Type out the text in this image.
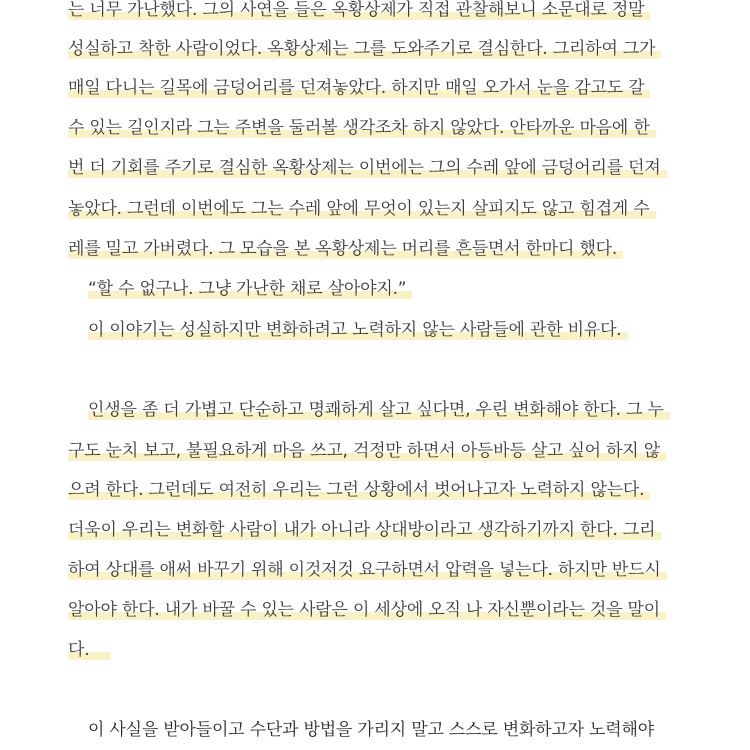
는 너무 가난했다. 그의 사연을 들은 옥황상제가 직접 관찰해보니 소문대로 정말
성실하고 착한 사람이었다. 옥황상제는 그를 도와주기로 결심한다. 그리하여 그가
매일 다니는 길목에 금덩어리를 던져놓았다. 하지만 매일 오가서 눈을 감고도 갈
수 있는 길인지라 그는 주변을 둘러볼 생각조차 하지 않았다. 안타까운 마음에 한
번 더 기회를 주기로 결심한 옥황상제는 이번에는 그의 수레 앞에 금덩어리를 던져
놓았다. 그런데 이번에도 그는 수레 앞에 무엇이 있는지 살피지도 않고 힘겹게 수
레를 밀고 가버렸다. 그 모습을 본 옥황상제는 머리를 흔들면서 한마디 했다.
“할 수 없구나. 그냥 가난한 채로 살아야지.”
이 이야기는 성실하지만 변화하려고 노력하지 않는 사람들에 관한 비유다.
인생을 좀 더 가볍고 단순하고 명쾌하게 살고 싶다면, 우린 변화해야 한다. 그 누
구도 눈치 보고, 불필요하게 마음 쓰고, 걱정만 하면서 아등바등 살고 싶어 하지 않
으려 한다. 그런데도 여전히 우리는 그런 상황에서 벗어나고자 노력하지 않는다.
더욱이 우리는 변화할 사람이 내가 아니라 상대방이라고 생각하기까지 한다. 그리
하여 상대를 애써 바꾸기 위해 이것저것 요구하면서 압력을 넣는다. 하지만 반드시
알아야 한다. 내가 바꿀 수 있는 사람은 이 세상에 오직 나 자신뿐이라는 것을 말이
다.
이 사실을 받아들이고 수단과 방법을 가리지 말고 스스로 변화하고자 노력해야
